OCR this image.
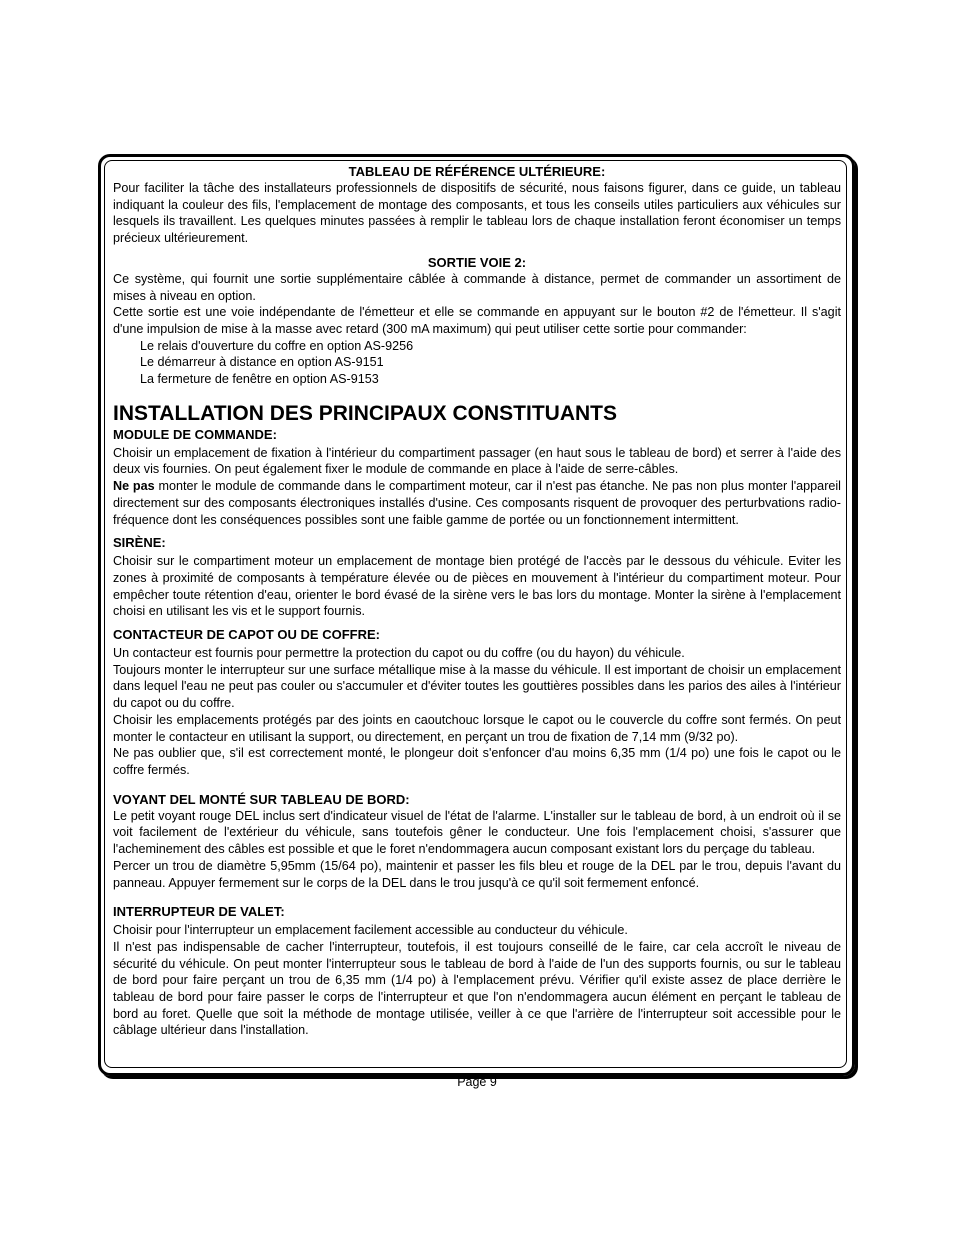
TABLEAU DE RÉFÉRENCE ULTÉRIEURE:

Pour faciliter la tâche des installateurs professionnels de dispositifs de sécurité, nous faisons figurer, dans ce guide, un tableau indiquant la couleur des fils, l'emplacement de montage des composants, et tous les conseils utiles particuliers aux véhicules sur lesquels ils travaillent. Les quelques minutes passées à remplir le tableau lors de chaque installation feront économiser un temps précieux ultérieurement.

SORTIE VOIE 2:

Ce système, qui fournit une sortie supplémentaire câblée à commande à distance, permet de commander un assortiment de mises à niveau en option.

Cette sortie est une voie indépendante de l'émetteur et elle se commande en appuyant sur le bouton #2 de l'émetteur. Il s'agit d'une impulsion de mise à la masse avec retard (300 mA maximum) qui peut utiliser cette sortie pour commander:

Le relais d'ouverture du coffre en option AS-9256

Le démarreur à distance en option AS-9151

La fermeture de fenêtre en option AS-9153

INSTALLATION DES PRINCIPAUX CONSTITUANTS

MODULE DE COMMANDE:

Choisir un emplacement de fixation à l'intérieur du compartiment passager (en haut sous le tableau de bord) et serrer à l'aide des deux vis fournies. On peut également fixer le module de commande en place à l'aide de serre-câbles.

Ne pas monter le module de commande dans le compartiment moteur, car il n'est pas étanche. Ne pas non plus monter l'appareil directement sur des composants électroniques installés d'usine. Ces composants risquent de provoquer des perturbvations radio-fréquence dont les conséquences possibles sont une faible gamme de portée ou un fonctionnement intermittent.

SIRÈNE:

Choisir sur le compartiment moteur un emplacement de montage bien protégé de l'accès par le dessous du véhicule. Eviter les zones à proximité de composants à température élevée ou de pièces en mouvement à l'intérieur du compartiment moteur. Pour empêcher toute rétention d'eau, orienter le bord évasé de la sirène vers le bas lors du montage. Monter la sirène à l'emplacement choisi en utilisant les vis et le support fournis.

CONTACTEUR DE CAPOT OU DE COFFRE:

Un contacteur est fournis pour permettre la protection du capot ou du coffre (ou du hayon) du véhicule.

Toujours monter le interrupteur sur une surface métallique mise à la masse du véhicule. Il est important de choisir un emplacement dans lequel l'eau ne peut pas couler ou s'accumuler et d'éviter toutes les gouttières possibles dans les parios des ailes à l'intérieur du capot ou du coffre.

Choisir les emplacements protégés par des joints en caoutchouc lorsque le capot ou le couvercle du coffre sont fermés. On peut monter le contacteur en utilisant la support, ou directement, en perçant un trou de fixation de 7,14 mm (9/32 po).

Ne pas oublier que, s'il est correctement monté, le plongeur doit s'enfoncer d'au moins 6,35 mm (1/4 po) une fois le capot ou le coffre fermés.

VOYANT DEL MONTÉ SUR TABLEAU DE BORD:

Le petit voyant rouge DEL inclus sert d'indicateur visuel de l'état de l'alarme. L'installer sur le tableau de bord, à un endroit où il se voit facilement de l'extérieur du véhicule, sans toutefois gêner le conducteur. Une fois l'emplacement choisi, s'assurer que l'acheminement des câbles est possible et que le foret n'endommagera aucun composant existant lors du perçage du tableau.

Percer un trou de diamètre 5,95mm (15/64 po), maintenir et passer les fils bleu et rouge de la DEL par le trou, depuis l'avant du panneau. Appuyer fermement sur le corps de la DEL dans le trou jusqu'à ce qu'il soit fermement enfoncé.

INTERRUPTEUR DE VALET:

Choisir pour l'interrupteur un emplacement facilement accessible au conducteur du véhicule.

Il n'est pas indispensable de cacher l'interrupteur, toutefois, il est toujours conseillé de le faire, car cela accroît le niveau de sécurité du véhicule. On peut monter l'interrupteur sous le tableau de bord à l'aide de l'un des supports fournis, ou sur le tableau de bord pour faire perçant un trou de 6,35 mm (1/4 po) à l'emplacement prévu. Vérifier qu'il existe assez de place derrière le tableau de bord pour faire passer le corps de l'interrupteur et que l'on n'endommagera aucun élément en perçant le tableau de bord au foret. Quelle que soit la méthode de montage utilisée, veiller à ce que l'arrière de l'interrupteur soit accessible pour le câblage ultérieur dans l'installation.

Page 9
